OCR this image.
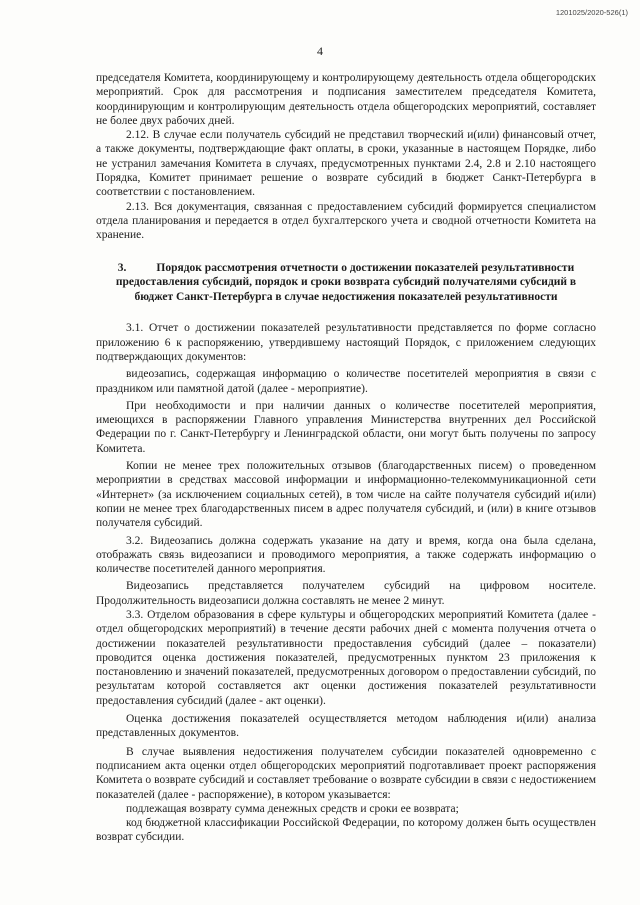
1201025/2020-526(1)
4

председателя Комитета, координирующему и контролирующему деятельность отдела общегородских мероприятий. Срок для рассмотрения и подписания заместителем председателя Комитета, координирующим и контролирующим деятельность отдела общегородских мероприятий, составляет не более двух рабочих дней.

2.12. В случае если получатель субсидий не представил творческий и(или) финансовый отчет, а также документы, подтверждающие факт оплаты, в сроки, указанные в настоящем Порядке, либо не устранил замечания Комитета в случаях, предусмотренных пунктами 2.4, 2.8 и 2.10 настоящего Порядка, Комитет принимает решение о возврате субсидий в бюджет Санкт-Петербурга в соответствии с постановлением.

2.13. Вся документация, связанная с предоставлением субсидий формируется специалистом отдела планирования и передается в отдел бухгалтерского учета и сводной отчетности Комитета на хранение.

3.	Порядок рассмотрения отчетности о достижении показателей результативности предоставления субсидий, порядок и сроки возврата субсидий получателями субсидий в бюджет Санкт-Петербурга в случае недостижения показателей результативности

3.1. Отчет о достижении показателей результативности представляется по форме согласно приложению 6 к распоряжению, утвердившему настоящий Порядок, с приложением следующих подтверждающих документов:

видеозапись, содержащая информацию о количестве посетителей мероприятия в связи с праздником или памятной датой (далее - мероприятие).

При необходимости и при наличии данных о количестве посетителей мероприятия, имеющихся в распоряжении Главного управления Министерства внутренних дел Российской Федерации по г. Санкт-Петербургу и Ленинградской области, они могут быть получены по запросу Комитета.

Копии не менее трех положительных отзывов (благодарственных писем) о проведенном мероприятии в средствах массовой информации и информационно-телекоммуникационной сети «Интернет» (за исключением социальных сетей), в том числе на сайте получателя субсидий и(или) копии не менее трех благодарственных писем в адрес получателя субсидий, и (или) в книге отзывов получателя субсидий.

3.2. Видеозапись должна содержать указание на дату и время, когда она была сделана, отображать связь видеозаписи и проводимого мероприятия, а также содержать информацию о количестве посетителей данного мероприятия.

Видеозапись представляется получателем субсидий на цифровом носителе. Продолжительность видеозаписи должна составлять не менее 2 минут.

3.3. Отделом образования в сфере культуры и общегородских мероприятий Комитета (далее - отдел общегородских мероприятий) в течение десяти рабочих дней с момента получения отчета о достижении показателей результативности предоставления субсидий (далее – показатели) проводится оценка достижения показателей, предусмотренных пунктом 23 приложения к постановлению и значений показателей, предусмотренных договором о предоставлении субсидий, по результатам которой составляется акт оценки достижения показателей результативности предоставления субсидий (далее - акт оценки).

Оценка достижения показателей осуществляется методом наблюдения и(или) анализа представленных документов.

В случае выявления недостижения получателем субсидии показателей одновременно с подписанием акта оценки отдел общегородских мероприятий подготавливает проект распоряжения Комитета о возврате субсидий и составляет требование о возврате субсидии в связи с недостижением показателей (далее - распоряжение), в котором указывается:

подлежащая возврату сумма денежных средств и сроки ее возврата;

код бюджетной классификации Российской Федерации, по которому должен быть осуществлен возврат субсидии.
